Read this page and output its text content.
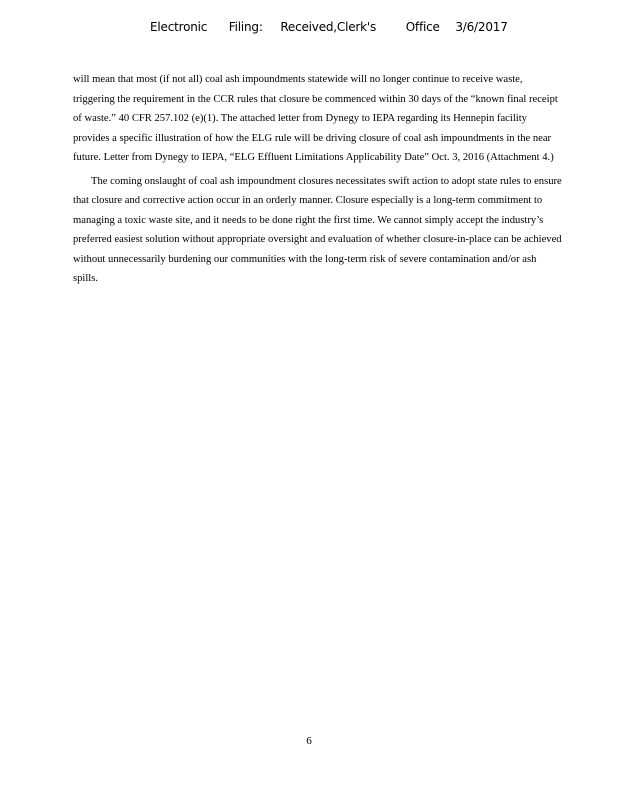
Electronic Filing: Received,Clerk's Office 3/6/2017

will mean that most (if not all) coal ash impoundments statewide will no longer continue to receive waste, triggering the requirement in the CCR rules that closure be commenced within 30 days of the “known final receipt of waste.” 40 CFR 257.102 (e)(1). The attached letter from Dynegy to IEPA regarding its Hennepin facility provides a specific illustration of how the ELG rule will be driving closure of coal ash impoundments in the near future. Letter from Dynegy to IEPA, “ELG Effluent Limitations Applicability Date” Oct. 3, 2016 (Attachment 4.)

The coming onslaught of coal ash impoundment closures necessitates swift action to adopt state rules to ensure that closure and corrective action occur in an orderly manner. Closure especially is a long-term commitment to managing a toxic waste site, and it needs to be done right the first time. We cannot simply accept the industry’s preferred easiest solution without appropriate oversight and evaluation of whether closure-in-place can be achieved without unnecessarily burdening our communities with the long-term risk of severe contamination and/or ash spills.

6
